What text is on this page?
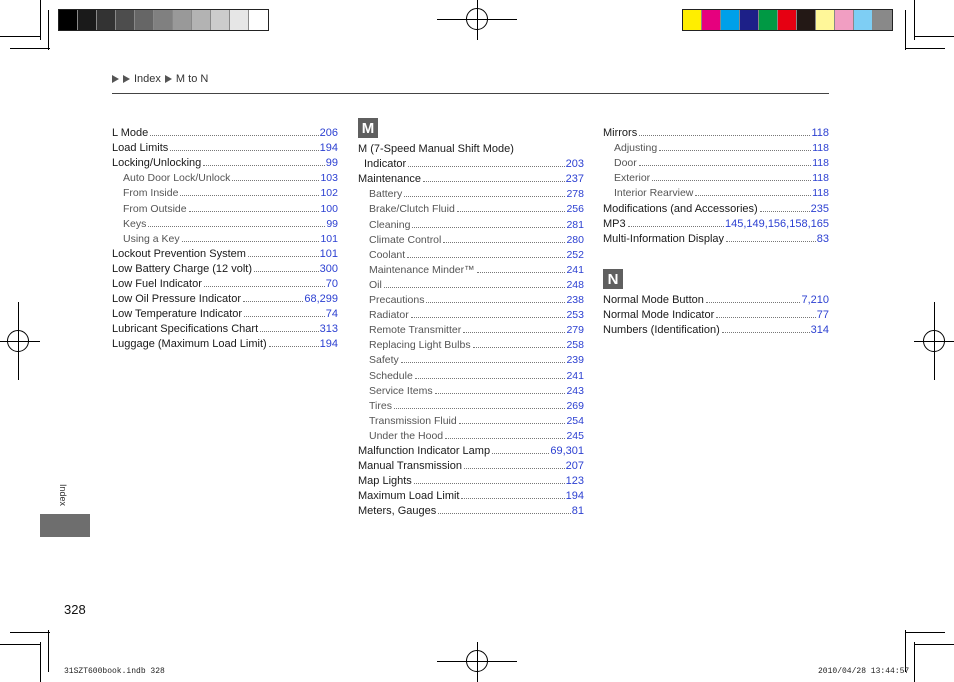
Index M to N
L Mode	206
Load Limits	194
Locking/Unlocking	99
Auto Door Lock/Unlock	103
From Inside	102
From Outside	100
Keys	99
Using a Key	101
Lockout Prevention System	101
Low Battery Charge (12 volt)	300
Low Fuel Indicator	70
Low Oil Pressure Indicator	68,299
Low Temperature Indicator	74
Lubricant Specifications Chart	313
Luggage (Maximum Load Limit)	194
M
M (7-Speed Manual Shift Mode)
Indicator	203
Maintenance	237
Battery	278
Brake/Clutch Fluid	256
Cleaning	281
Climate Control	280
Coolant	252
Maintenance Minder™	241
Oil	248
Precautions	238
Radiator	253
Remote Transmitter	279
Replacing Light Bulbs	258
Safety	239
Schedule	241
Service Items	243
Tires	269
Transmission Fluid	254
Under the Hood	245
Malfunction Indicator Lamp	69,301
Manual Transmission	207
Map Lights	123
Maximum Load Limit	194
Meters, Gauges	81
Mirrors	118
Adjusting	118
Door	118
Exterior	118
Interior Rearview	118
Modifications (and Accessories)	235
MP3	145,149,156,158,165
Multi-Information Display	83
N
Normal Mode Button	7,210
Normal Mode Indicator	77
Numbers (Identification)	314
Index
328
31SZT600book.indb 328	2010/04/28 13:44:57
